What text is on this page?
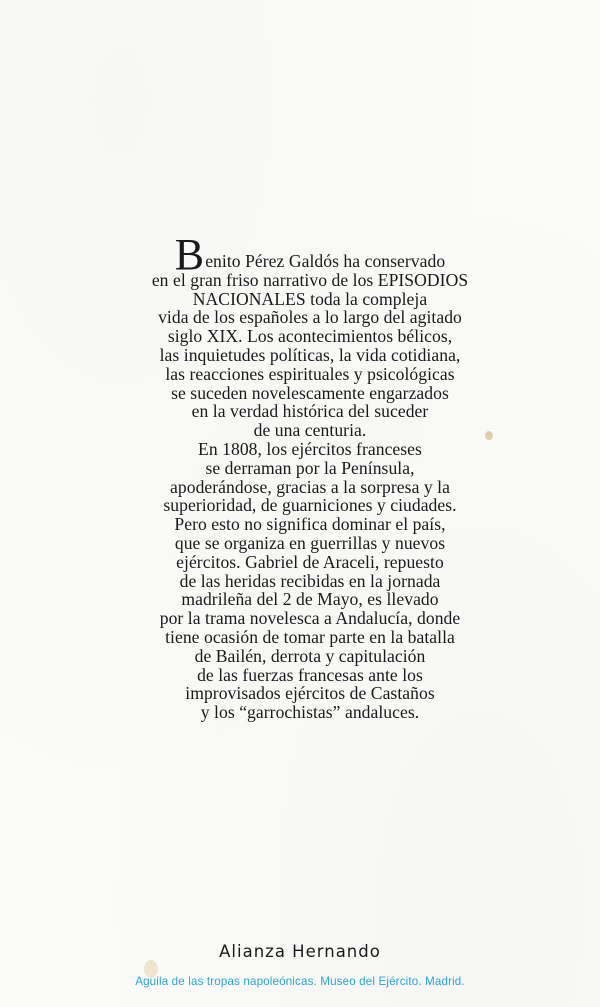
Benito Pérez Galdós ha conservado
en el gran friso narrativo de los EPISODIOS
NACIONALES toda la compleja
vida de los españoles a lo largo del agitado
siglo XIX. Los acontecimientos bélicos,
las inquietudes políticas, la vida cotidiana,
las reacciones espirituales y psicológicas
se suceden novelescamente engarzados
en la verdad histórica del suceder
de una centuria.
En 1808, los ejércitos franceses
se derraman por la Península,
apoderándose, gracias a la sorpresa y la
superioridad, de guarniciones y ciudades.
Pero esto no significa dominar el país,
que se organiza en guerrillas y nuevos
ejércitos. Gabriel de Araceli, repuesto
de las heridas recibidas en la jornada
madrileña del 2 de Mayo, es llevado
por la trama novelesca a Andalucía, donde
tiene ocasión de tomar parte en la batalla
de Bailén, derrota y capitulación
de las fuerzas francesas ante los
improvisados ejércitos de Castaños
y los “garrochistas” andaluces.
Alianza Hernando
Aguila de las tropas napoleónicas. Museo del Ejército. Madrid.
